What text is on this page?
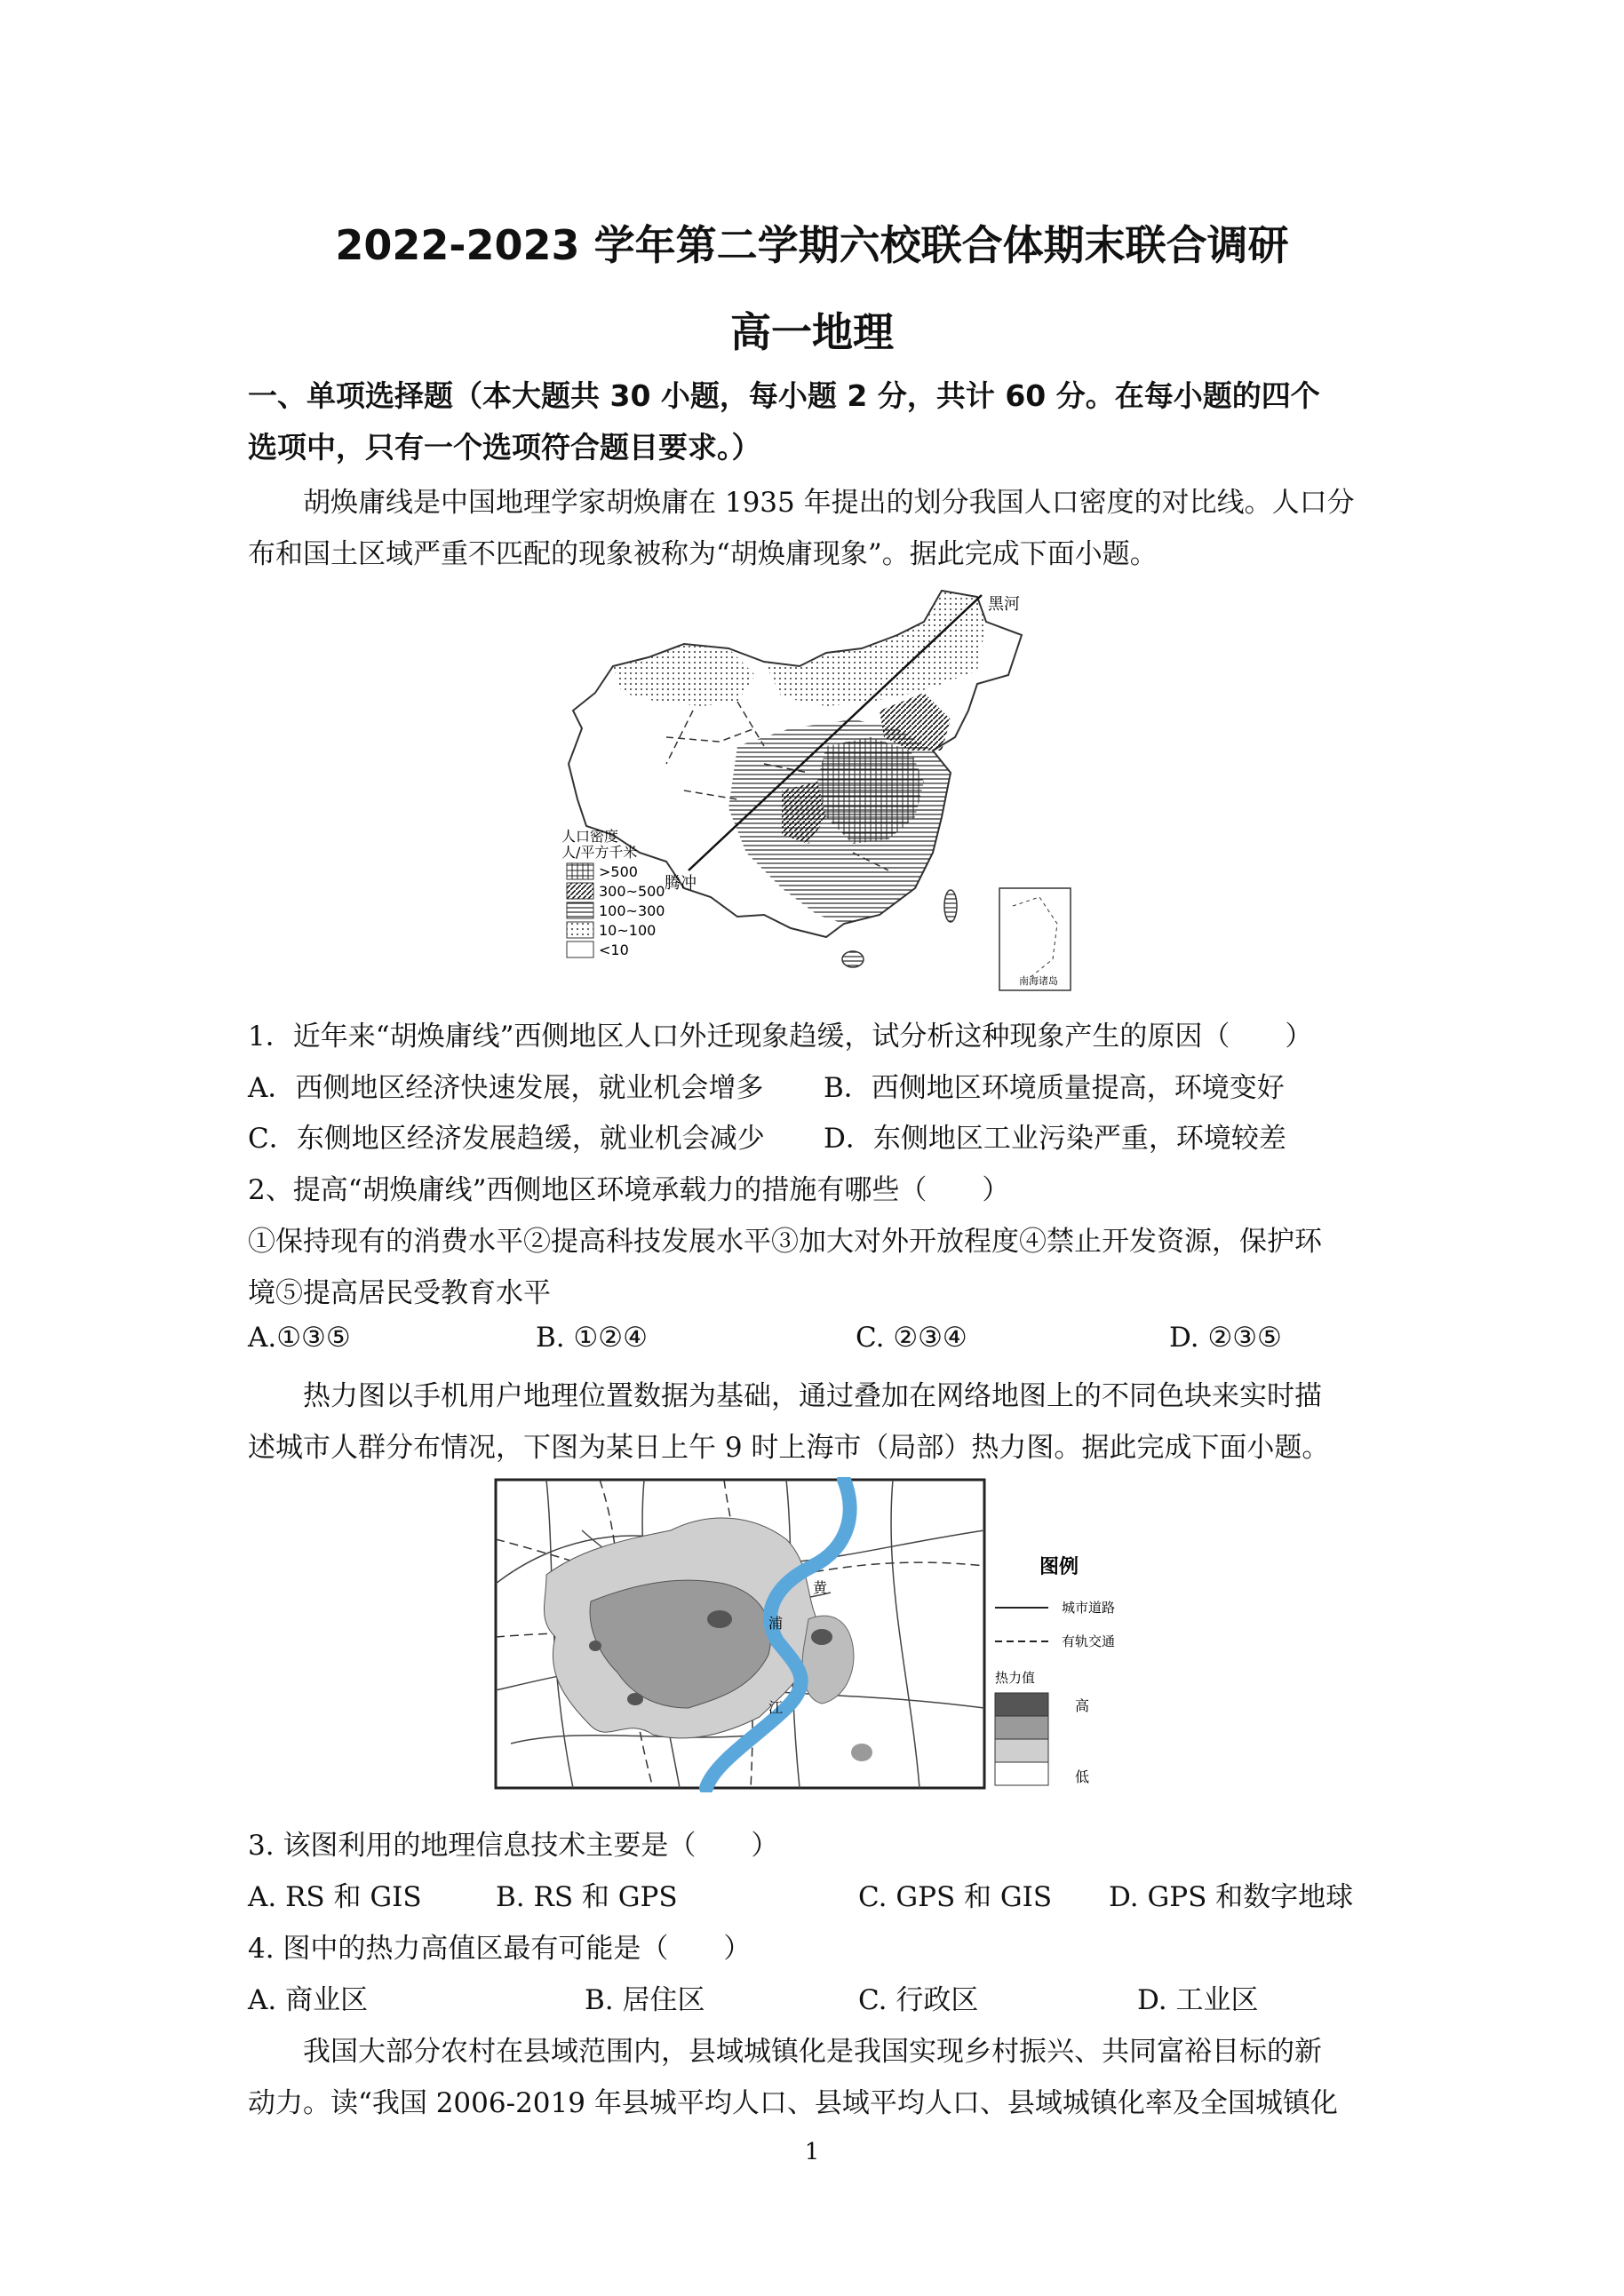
2022-2023 学年第二学期六校联合体期末联合调研
高一地理
一、单项选择题（本大题共 30 小题，每小题 2 分，共计 60 分。在每小题的四个
选项中，只有一个选项符合题目要求。）
胡焕庸线是中国地理学家胡焕庸在 1935 年提出的划分我国人口密度的对比线。人口分
布和国土区域严重不匹配的现象被称为“胡焕庸现象”。据此完成下面小题。
黑河
腾冲
南海诸岛
人口密度
人/平方千米
>500
300~500
100~300
10~100
<10
1．近年来“胡焕庸线”西侧地区人口外迁现象趋缓，试分析这种现象产生的原因（　　）
A．西侧地区经济快速发展，就业机会增多 B．西侧地区环境质量提高，环境变好
C．东侧地区经济发展趋缓，就业机会减少 D．东侧地区工业污染严重，环境较差
2、提高“胡焕庸线”西侧地区环境承载力的措施有哪些（　　）
①保持现有的消费水平②提高科技发展水平③加大对外开放程度④禁止开发资源，保护环
境⑤提高居民受教育水平
A.①③⑤	B. ①②④	C. ②③④	D. ②③⑤
热力图以手机用户地理位置数据为基础，通过叠加在网络地图上的不同色块来实时描
述城市人群分布情况，下图为某日上午 9 时上海市（局部）热力图。据此完成下面小题。
黄
浦
江
图例
城市道路
有轨交通
热力值
高
低
3. 该图利用的地理信息技术主要是（　　）
A. RS 和 GIS	B. RS 和 GPS	C. GPS 和 GIS D. GPS 和数字地球
4. 图中的热力高值区最有可能是（　　）
A. 商业区	B. 居住区	C. 行政区	D. 工业区
我国大部分农村在县域范围内，县域城镇化是我国实现乡村振兴、共同富裕目标的新
动力。读“我国 2006-2019 年县城平均人口、县域平均人口、县域城镇化率及全国城镇化
1
